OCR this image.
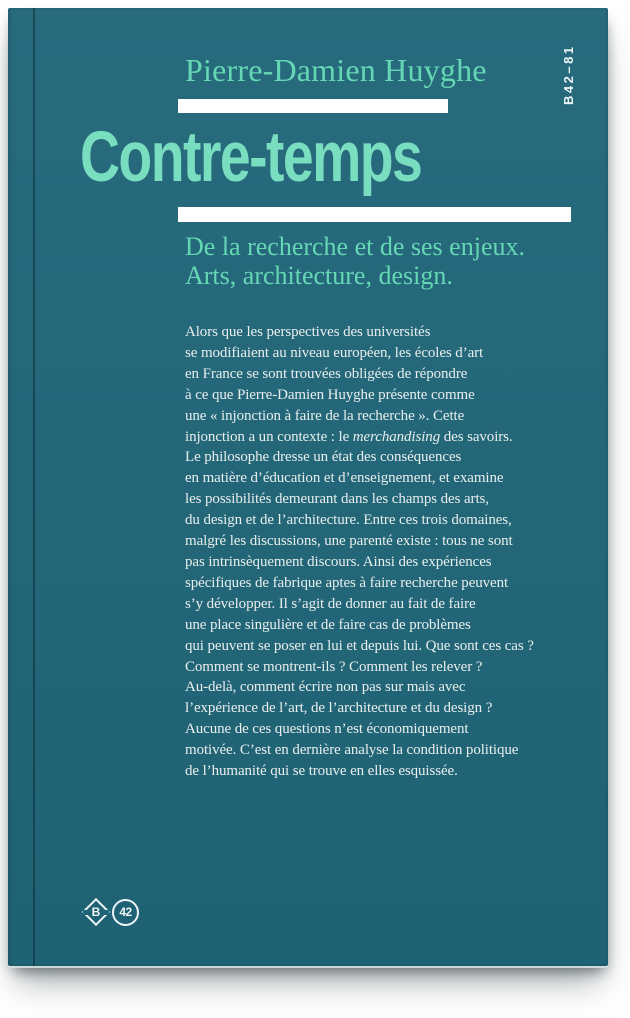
Pierre-Damien Huyghe	B42–81
Contre-temps
De la recherche et de ses enjeux.
Arts, architecture, design.
Alors que les perspectives des universités
se modifiaient au niveau européen, les écoles d’art
en France se sont trouvées obligées de répondre
à ce que Pierre-Damien Huyghe présente comme
une « injonction à faire de la recherche ». Cette
injonction a un contexte : le merchandising des savoirs.
Le philosophe dresse un état des conséquences
en matière d’éducation et d’enseignement, et examine
les possibilités demeurant dans les champs des arts,
du design et de l’architecture. Entre ces trois domaines,
malgré les discussions, une parenté existe : tous ne sont
pas intrinsèquement discours. Ainsi des expériences
spécifiques de fabrique aptes à faire recherche peuvent
s’y développer. Il s’agit de donner au fait de faire
une place singulière et de faire cas de problèmes
qui peuvent se poser en lui et depuis lui. Que sont ces cas ?
Comment se montrent-ils ? Comment les relever ?
Au-delà, comment écrire non pas sur mais avec
l’expérience de l’art, de l’architecture et du design ?
Aucune de ces questions n’est économiquement
motivée. C’est en dernière analyse la condition politique
de l’humanité qui se trouve en elles esquissée.
B	42
